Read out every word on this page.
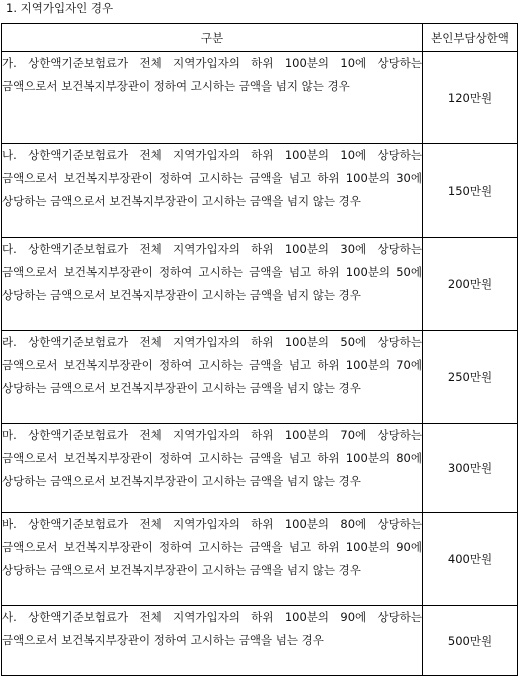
1. 지역가입자인 경우
구분	본인부담상한액
가. 상한액기준보험료가 전체 지역가입자의 하위 100분의 10에 상당하는 금액으로서 보건복지부장관이 정하여 고시하는 금액을 넘지 않는 경우	120만원
나. 상한액기준보험료가 전체 지역가입자의 하위 100분의 10에 상당하는 금액으로서 보건복지부장관이 정하여 고시하는 금액을 넘고 하위 100분의 30에 상당하는 금액으로서 보건복지부장관이 고시하는 금액을 넘지 않는 경우	150만원
다. 상한액기준보험료가 전체 지역가입자의 하위 100분의 30에 상당하는 금액으로서 보건복지부장관이 정하여 고시하는 금액을 넘고 하위 100분의 50에 상당하는 금액으로서 보건복지부장관이 고시하는 금액을 넘지 않는 경우	200만원
라. 상한액기준보험료가 전체 지역가입자의 하위 100분의 50에 상당하는 금액으로서 보건복지부장관이 정하여 고시하는 금액을 넘고 하위 100분의 70에 상당하는 금액으로서 보건복지부장관이 고시하는 금액을 넘지 않는 경우	250만원
마. 상한액기준보험료가 전체 지역가입자의 하위 100분의 70에 상당하는 금액으로서 보건복지부장관이 정하여 고시하는 금액을 넘고 하위 100분의 80에 상당하는 금액으로서 보건복지부장관이 고시하는 금액을 넘지 않는 경우	300만원
바. 상한액기준보험료가 전체 지역가입자의 하위 100분의 80에 상당하는 금액으로서 보건복지부장관이 정하여 고시하는 금액을 넘고 하위 100분의 90에 상당하는 금액으로서 보건복지부장관이 고시하는 금액을 넘지 않는 경우	400만원
사. 상한액기준보험료가 전체 지역가입자의 하위 100분의 90에 상당하는 금액으로서 보건복지부장관이 정하여 고시하는 금액을 넘는 경우	500만원
